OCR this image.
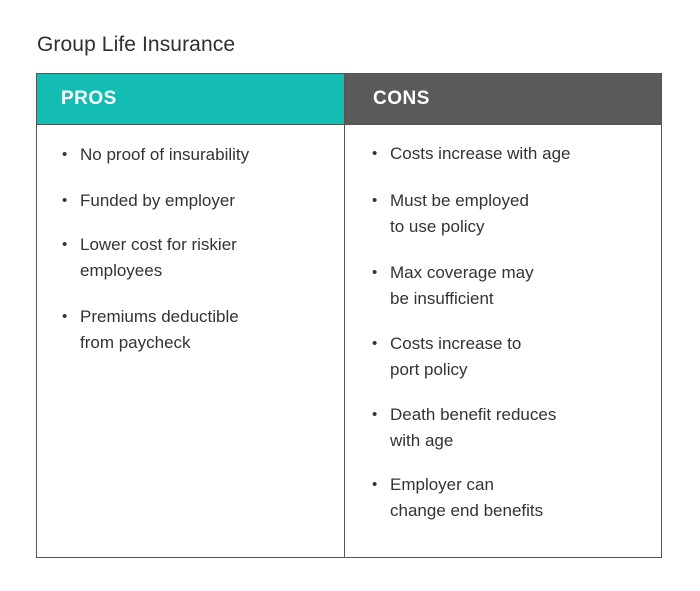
Group Life Insurance
PROS
• No proof of insurability
• Funded by employer
• Lower cost for riskier
employees
• Premiums deductible
from paycheck
CONS
• Costs increase with age
• Must be employed
to use policy
• Max coverage may
be insufficient
• Costs increase to
port policy
• Death benefit reduces
with age
• Employer can
change end benefits
